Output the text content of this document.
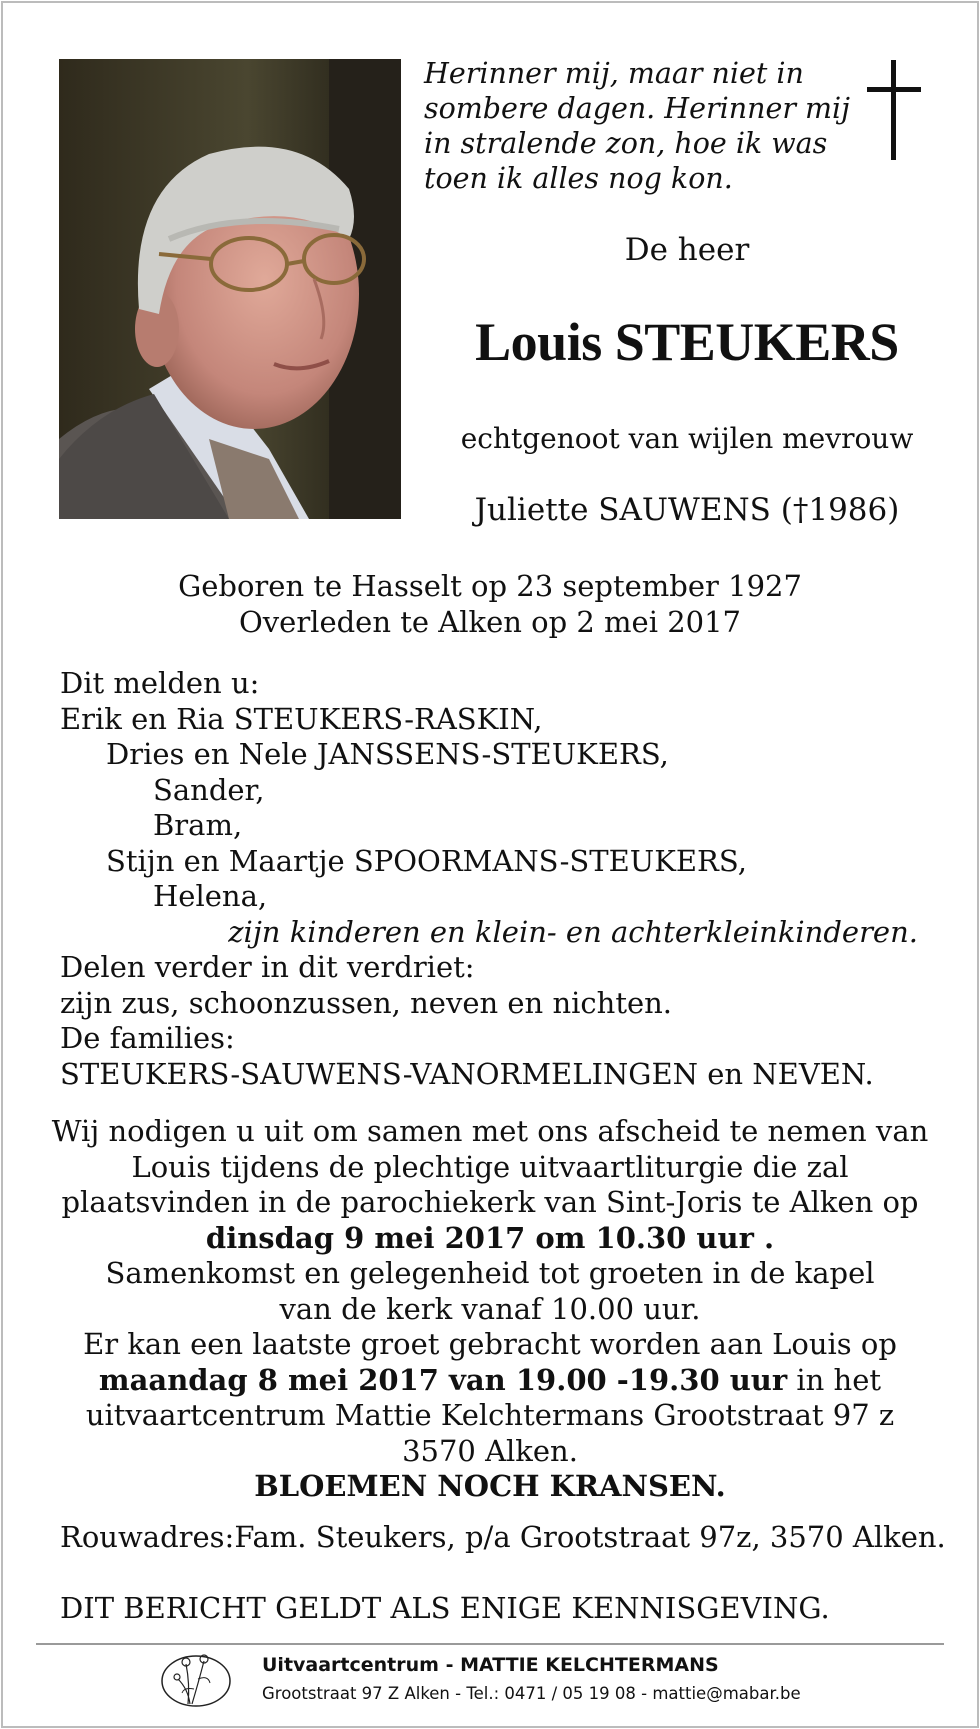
Herinner mij, maar niet in
sombere dagen. Herinner mij
in stralende zon, hoe ik was
toen ik alles nog kon.
De heer
Louis STEUKERS
echtgenoot van wijlen mevrouw
Juliette SAUWENS (†1986)
Geboren te Hasselt op 23 september 1927
Overleden te Alken op 2 mei 2017
Dit melden u:
Erik en Ria STEUKERS-RASKIN,
Dries en Nele JANSSENS-STEUKERS,
Sander,
Bram,
Stijn en Maartje SPOORMANS-STEUKERS,
Helena,
zijn kinderen en klein- en achterkleinkinderen.
Delen verder in dit verdriet:
zijn zus, schoonzussen, neven en nichten.
De families:
STEUKERS-SAUWENS-VANORMELINGEN en NEVEN.
Wij nodigen u uit om samen met ons afscheid te nemen van
Louis tijdens de plechtige uitvaartliturgie die zal
plaatsvinden in de parochiekerk van Sint-Joris te Alken op
dinsdag 9 mei 2017 om 10.30 uur .
Samenkomst en gelegenheid tot groeten in de kapel
van de kerk vanaf 10.00 uur.
Er kan een laatste groet gebracht worden aan Louis op
maandag 8 mei 2017 van 19.00 -19.30 uur in het
uitvaartcentrum Mattie Kelchtermans Grootstraat 97 z
3570 Alken.
BLOEMEN NOCH KRANSEN.
Rouwadres:Fam. Steukers, p/a Grootstraat 97z, 3570 Alken.
DIT BERICHT GELDT ALS ENIGE KENNISGEVING.
Uitvaartcentrum - MATTIE KELCHTERMANS
Grootstraat 97 Z Alken - Tel.: 0471 / 05 19 08 - mattie@mabar.be
